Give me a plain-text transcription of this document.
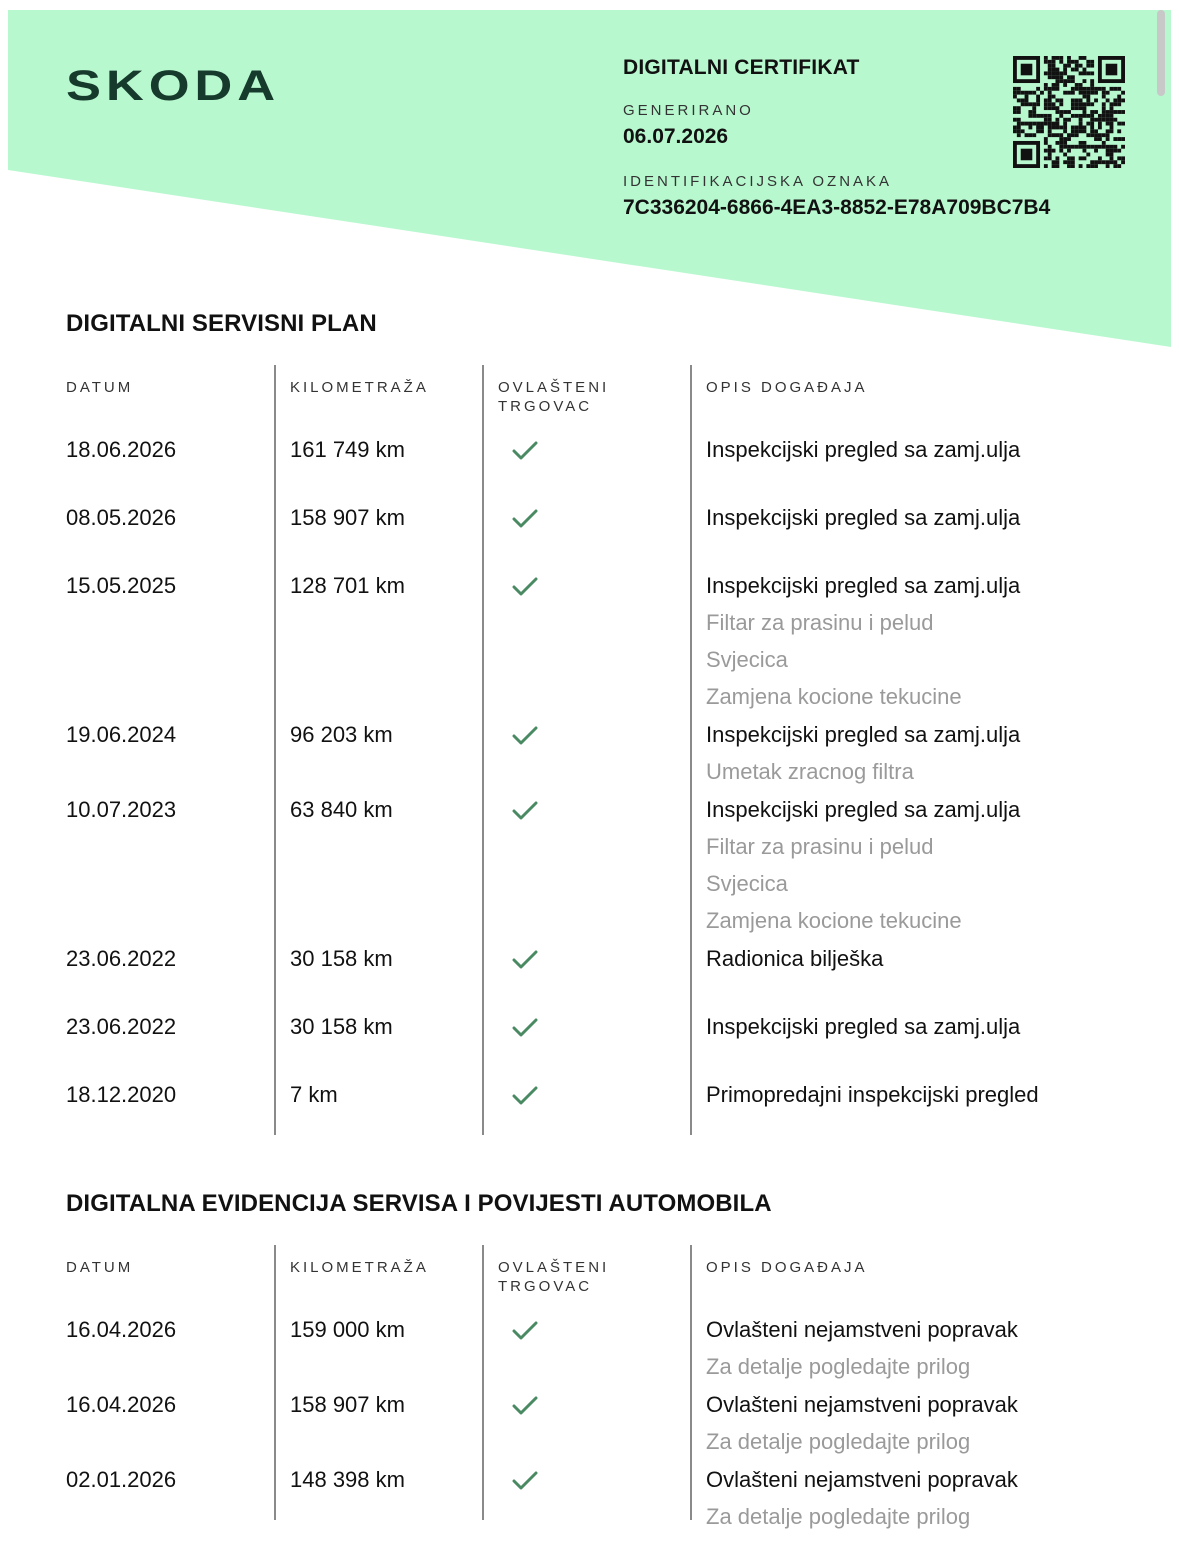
SKODA	DIGITALNI CERTIFIKAT
GENERIRANO
06.07.2026
IDENTIFIKACIJSKA OZNAKA
7C336204-6866-4EA3-8852-E78A709BC7B4
DIGITALNI SERVISNI PLAN
DATUM	KILOMETRAŽA	OVLAŠTENI	OPIS DOGAĐAJA
TRGOVAC
18.06.2026	161 749 km	Inspekcijski pregled sa zamj.ulja
08.05.2026	158 907 km	Inspekcijski pregled sa zamj.ulja
15.05.2025	128 701 km	Inspekcijski pregled sa zamj.ulja
Filtar za prasinu i pelud
Svjecica
Zamjena kocione tekucine
19.06.2024	96 203 km	Inspekcijski pregled sa zamj.ulja
Umetak zracnog filtra
10.07.2023	63 840 km	Inspekcijski pregled sa zamj.ulja
Filtar za prasinu i pelud
Svjecica
Zamjena kocione tekucine
23.06.2022	30 158 km	Radionica bilješka
23.06.2022	30 158 km	Inspekcijski pregled sa zamj.ulja
18.12.2020	7 km	Primopredajni inspekcijski pregled
DIGITALNA EVIDENCIJA SERVISA I POVIJESTI AUTOMOBILA
DATUM	KILOMETRAŽA	OVLAŠTENI	OPIS DOGAĐAJA
TRGOVAC
16.04.2026	159 000 km	Ovlašteni nejamstveni popravak
Za detalje pogledajte prilog
16.04.2026	158 907 km	Ovlašteni nejamstveni popravak
Za detalje pogledajte prilog
02.01.2026	148 398 km	Ovlašteni nejamstveni popravak
Za detalje pogledajte prilog
